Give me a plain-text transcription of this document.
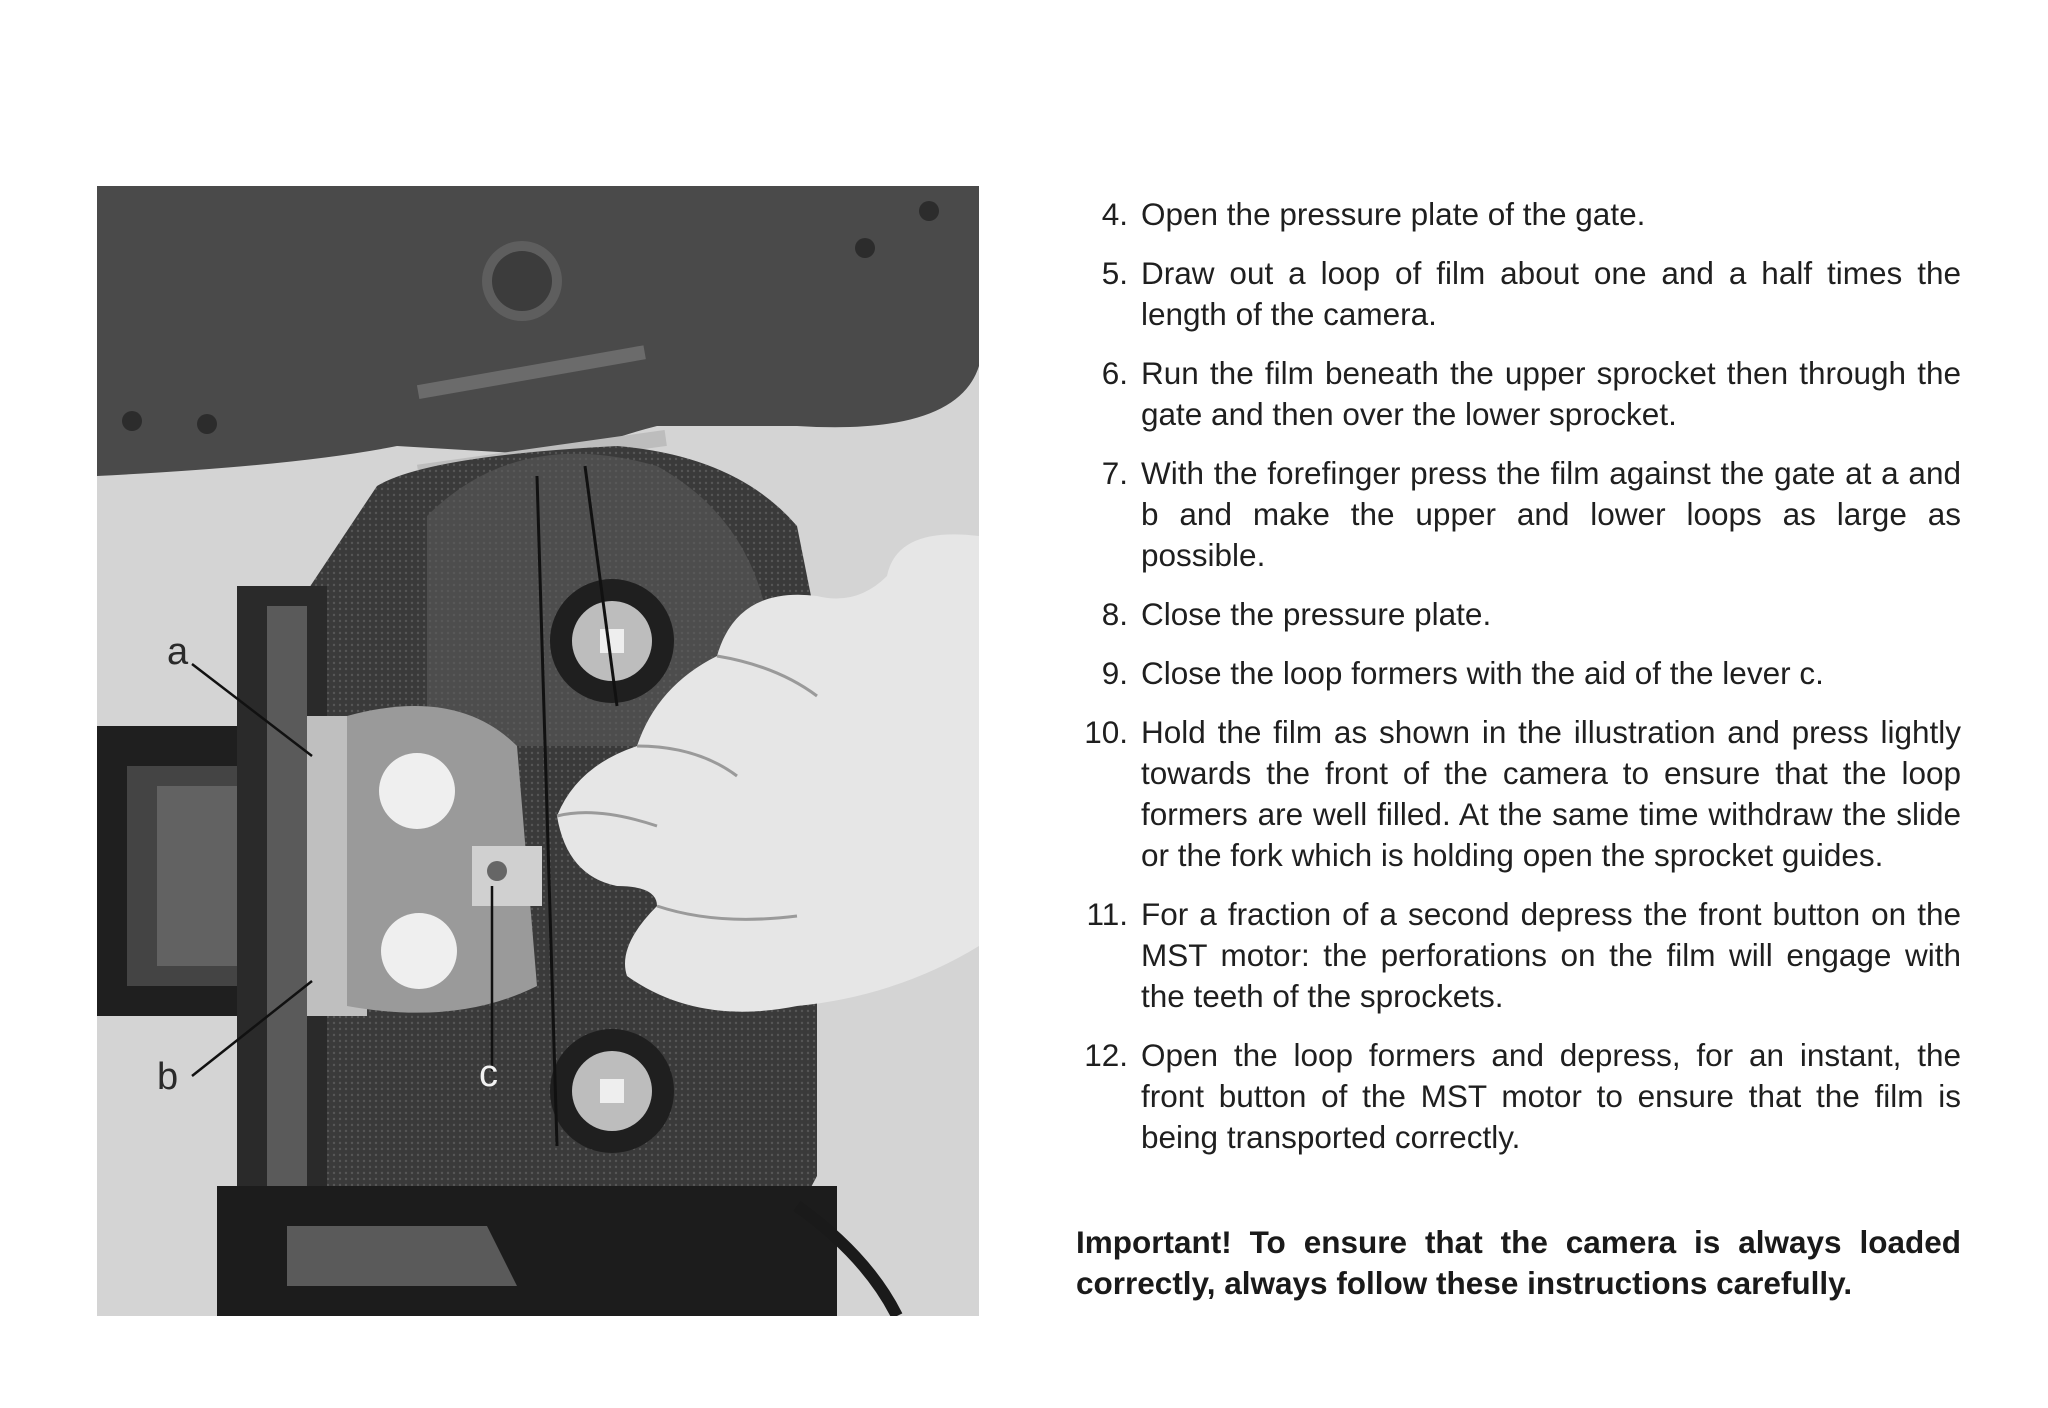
a
b	c
4. Open the pressure plate of the gate.
5. Draw out a loop of film about one and a half times the length of the camera.
6. Run the film beneath the upper sprocket then through the gate and then over the lower sprocket.
7. With the forefinger press the film against the gate at a and b and make the upper and lower loops as large as possible.
8. Close the pressure plate.
9. Close the loop formers with the aid of the lever c.
10. Hold the film as shown in the illustration and press lightly towards the front of the camera to ensure that the loop formers are well filled. At the same time withdraw the slide or the fork which is holding open the sprocket guides.
11. For a fraction of a second depress the front button on the MST motor: the perforations on the film will engage with the teeth of the sprockets.
12. Open the loop formers and depress, for an instant, the front button of the MST motor to ensure that the film is being transported correctly.

Important! To ensure that the camera is always loaded correctly, always follow these instructions carefully.
